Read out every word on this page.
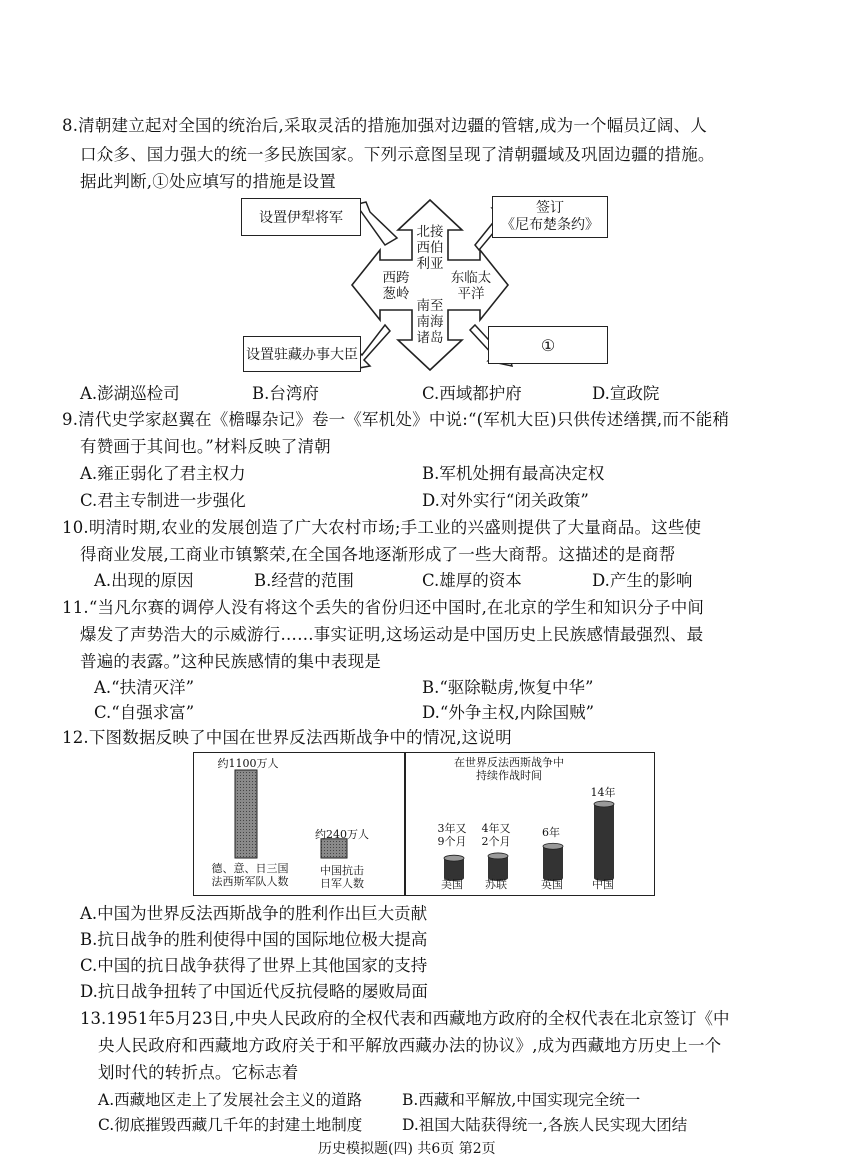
8.清朝建立起对全国的统治后,采取灵活的措施加强对边疆的管辖,成为一个幅员辽阔、人
口众多、国力强大的统一多民族国家。下列示意图呈现了清朝疆域及巩固边疆的措施。
据此判断,①处应填写的措施是设置
设置伊犁将军
签订
《尼布楚条约》
设置驻藏办事大臣
①
北接西伯利亚
西跨葱岭
东临太平洋
南至南海诸岛
A.澎湖巡检司	B.台湾府	C.西域都护府	D.宣政院
9.清代史学家赵翼在《檐曝杂记》卷一《军机处》中说:“(军机大臣)只供传述缮撰,而不能稍
有赞画于其间也。”材料反映了清朝
A.雍正弱化了君主权力	B.军机处拥有最高决定权
C.君主专制进一步强化	D.对外实行“闭关政策”
10.明清时期,农业的发展创造了广大农村市场;手工业的兴盛则提供了大量商品。这些使
得商业发展,工商业市镇繁荣,在全国各地逐渐形成了一些大商帮。这描述的是商帮
A.出现的原因	B.经营的范围	C.雄厚的资本	D.产生的影响
11.“当凡尔赛的调停人没有将这个丢失的省份归还中国时,在北京的学生和知识分子中间
爆发了声势浩大的示威游行……事实证明,这场运动是中国历史上民族感情最强烈、最
普遍的表露。”这种民族感情的集中表现是
A.“扶清灭洋”	B.“驱除鞑虏,恢复中华”
C.“自强求富”	D.“外争主权,内除国贼”
12.下图数据反映了中国在世界反法西斯战争中的情况,这说明
约1100万人
约240万人
德、意、日三国
法西斯军队人数
中国抗击
日军人数
在世界反法西斯战争中
持续作战时间
3年又
9个月
4年又
2个月
6年
14年
美国	苏联	英国	中国
A.中国为世界反法西斯战争的胜利作出巨大贡献
B.抗日战争的胜利使得中国的国际地位极大提高
C.中国的抗日战争获得了世界上其他国家的支持
D.抗日战争扭转了中国近代反抗侵略的屡败局面
13.1951年5月23日,中央人民政府的全权代表和西藏地方政府的全权代表在北京签订《中
央人民政府和西藏地方政府关于和平解放西藏办法的协议》,成为西藏地方历史上一个
划时代的转折点。它标志着
A.西藏地区走上了发展社会主义的道路	B.西藏和平解放,中国实现完全统一
C.彻底摧毁西藏几千年的封建土地制度	D.祖国大陆获得统一,各族人民实现大团结
历史模拟题(四) 共6页 第2页
